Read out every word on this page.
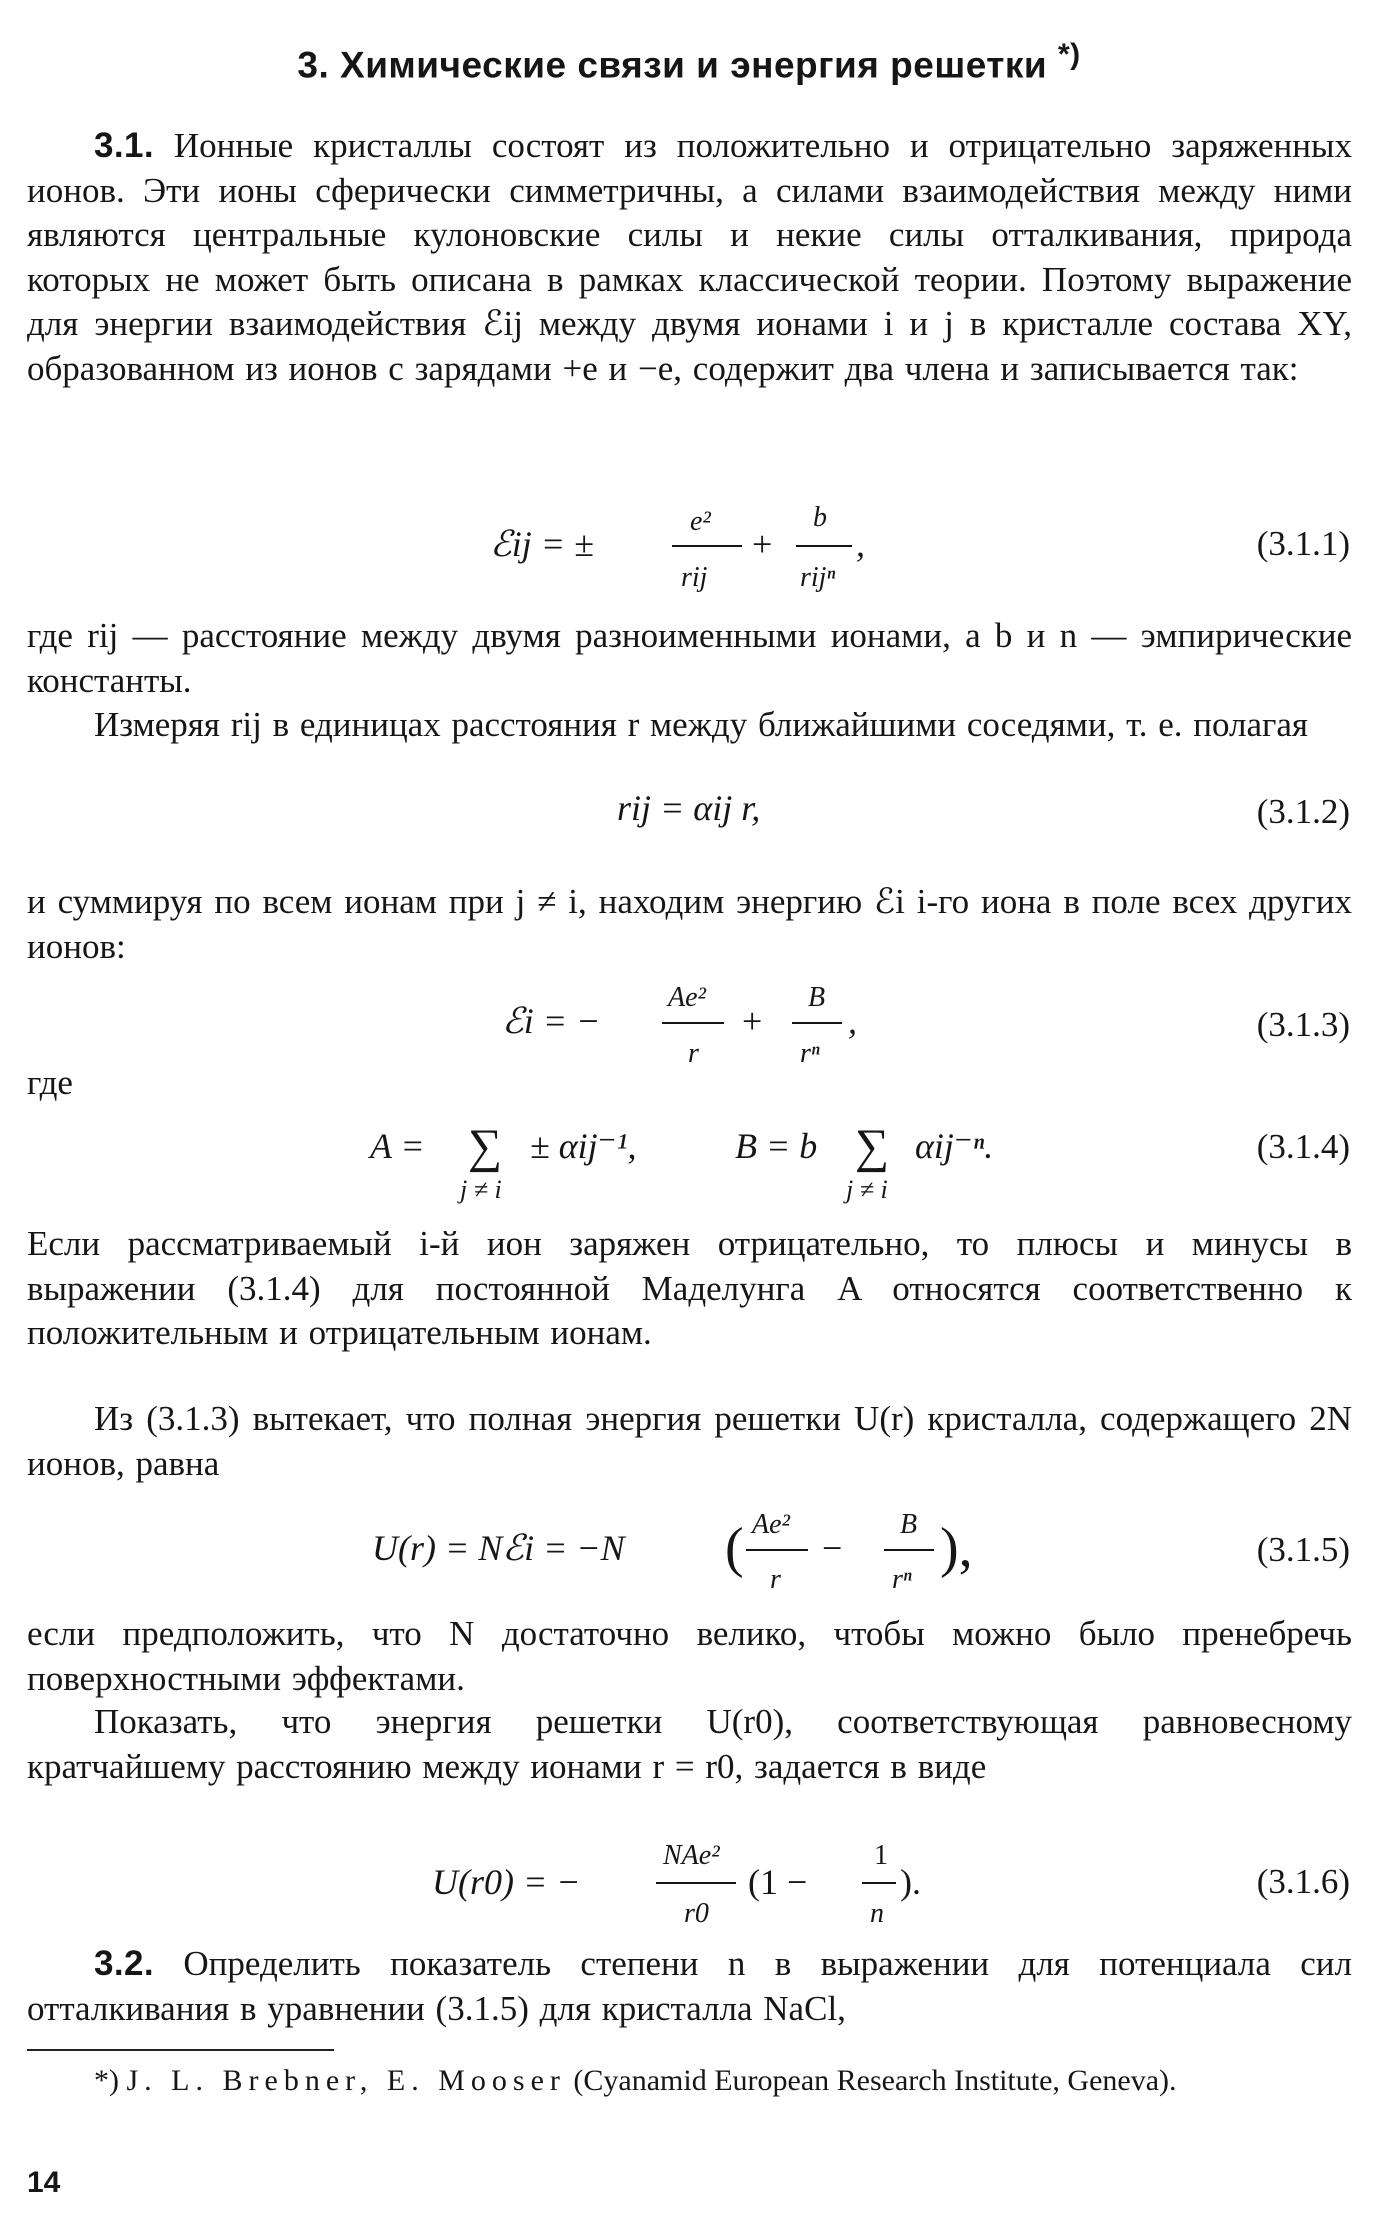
3. Химические связи и энергия решетки *)

3.1. Ионные кристаллы состоят из положительно и отрицательно заряженных ионов. Эти ионы сферически симметричны, а силами взаимодействия между ними являются центральные кулоновские силы и некие силы отталкивания, природа которых не может быть описана в рамках классической теории. Поэтому выражение для энергии взаимодействия ℰij между двумя ионами i и j в кристалле состава XY, образованном из ионов с зарядами +e и −e, содержит два члена и записывается так:

(3.1.1)

где rij — расстояние между двумя разноименными ионами, а b и n — эмпирические константы.

Измеряя rij в единицах расстояния r между ближайшими соседями, т. е. полагая

(3.1.2)

и суммируя по всем ионам при j ≠ i, находим энергию ℰi i-го иона в поле всех других ионов:

(3.1.3)

где

(3.1.4)

Если рассматриваемый i-й ион заряжен отрицательно, то плюсы и минусы в выражении (3.1.4) для постоянной Маделунга A относятся соответственно к положительным и отрицательным ионам.

Из (3.1.3) вытекает, что полная энергия решетки U(r) кристалла, содержащего 2N ионов, равна

(3.1.5)

если предположить, что N достаточно велико, чтобы можно было пренебречь поверхностными эффектами.

Показать, что энергия решетки U(r0), соответствующая равновесному кратчайшему расстоянию между ионами r = r0, задается в виде

(3.1.6)

3.2. Определить показатель степени n в выражении для потенциала сил отталкивания в уравнении (3.1.5) для кристалла NaCl,

*) J. L. Brebner, E. Mooser (Cyanamid European Research Institute, Geneva).

14

ℰij = ±
e²
rij
+
b
rijⁿ
,
rij = αij r,
ℰi = −
Ae²
r
+
B
rⁿ
,
A = ∑ ± αij⁻¹,
j ≠ i
B = b ∑ αij⁻ⁿ.
j ≠ i
U(r) = Nℰi = −N ( Ae²
r
−
B
rⁿ
),
U(r0) = −
NAe²
r0
(1 −
1
n
).
